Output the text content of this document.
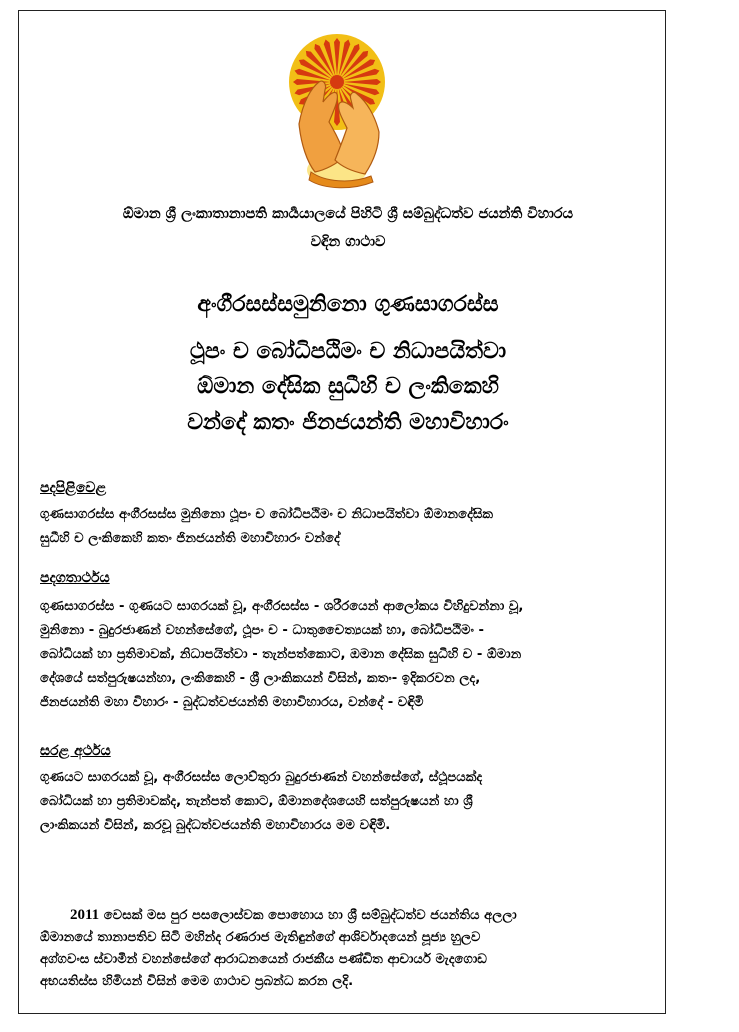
ඕමාන ශ්‍රී ලංකාතානාපති කාර්‍යයාලයේ පිහිටි ශ්‍රී සම්බුද්ධත්ව ජයන්ති විහාරය
වඳින ගාථාව
අංගීරසස්සමුනිනො ගුණසාගරස්ස
ථූපං ච බෝධිපඨිමං ච නිධාපයිත්වා
ඕමාන දේසික සුධීහි ච ලංකිකෙහි
වන්දේ කතං ජිනජයන්ති මහාවිහාරං
පදපිළිවෙළ
ගුණසාගරස්ස අංගීරසස්ස මුනිනො ථූපං ච බෝධිපඨිමං ච නිධාපයිත්වා ඕමානදේසික
සුධීහි ච ලංකිකෙහි කතං ජිනජයන්ති මහාවිහාරං වන්දේ
පදගතාර්ථය
ගුණසාගරස්ස - ගුණයට සාගරයක් වූ, අංගීරසස්ස - ශරීරයෙන් ආලෝකය විහිදුවන්නා වූ,
මුනිනො - බුදුරජාණන් වහන්සේගේ, ථූපං ච - ධාතුචෛත්‍යයක් හා, බෝධිපඨිමං -
බෝධියක් හා ප්‍රතිමාවක්, නිධාපයිත්වා - තැන්පත්කොට, ඔමාන දේසික සුධීහි ච - ඕමාන
දේශයේ සත්පුරුෂයන්හා, ලංකිකෙහි - ශ්‍රී ලාංකිකයන් විසින්, කතං- ඉදිකරවන ලද,
ජිනජයන්ති මහා විහාරං - බුද්ධත්වජයන්ති මහාවිහාරය, වන්දේ - වඳිමි
සරළ අර්ථය
ගුණයට සාගරයක් වූ, අංගීරසස්ස ලොව්තුරා බුදුරජාණන් වහන්සේගේ, ස්ථූපයක්ද
බෝධියක් හා ප්‍රතිමාවක්ද, තැන්පත් කොට, ඕමානදේශයෙහි සත්පුරුෂයන් හා ශ්‍රී
ලාංකිකයන් විසින්, කරවූ බුද්ධත්වජයන්ති මහාවිහාරය මම වඳිමි.
2011 වෙසක් මස පුර පසලොස්වක පොහොය හා ශ්‍රී සම්බුද්ධත්ව ජයන්තිය අලලා
ඕමානයේ තානාපතිව සිටි මහින්ද රණරාජ මැතිඳුන්ගේ ආශිර්වාදයෙන් පූජ්‍ය හුලව
අග්ගවංස ස්වාමීන් වහන්සේගේ ආරාධනයෙන් රාජකීය පණ්ඩිත ආචාර්ය මැදගොඩ
අභයතිස්ස හිමියන් විසින් මෙම ගාථාව ප්‍රබන්ධ කරන ලදි.
